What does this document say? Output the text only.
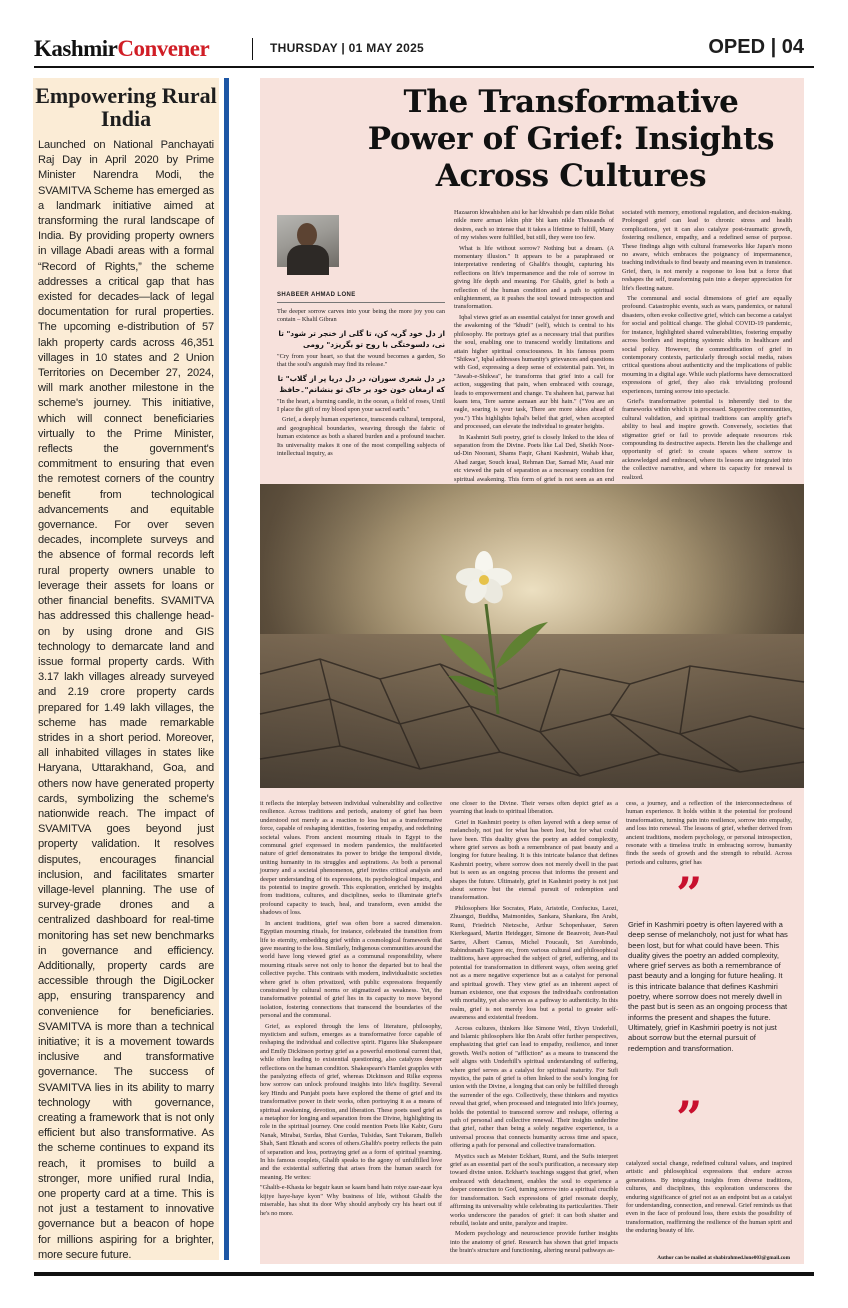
KashmirConvener	THURSDAY | 01 MAY 2025	OPED | 04
Empowering Rural India
Launched on National Panchayati Raj Day in April 2020 by Prime Minister Narendra Modi, the SVAMITVA Scheme has emerged as a landmark initiative aimed at transforming the rural landscape of India. By providing property owners in village Abadi areas with a formal “Record of Rights,” the scheme addresses a critical gap that has existed for decades—lack of legal documentation for rural properties. The upcoming e-distribution of 57 lakh property cards across 46,351 villages in 10 states and 2 Union Territories on December 27, 2024, will mark another milestone in the scheme's journey. This initiative, which will connect beneficiaries virtually to the Prime Minister, reflects the government's commitment to ensuring that even the remotest corners of the country benefit from technological advancements and equitable governance. For over seven decades, incomplete surveys and the absence of formal records left rural property owners unable to leverage their assets for loans or other financial benefits. SVAMITVA has addressed this challenge head-on by using drone and GIS technology to demarcate land and issue formal property cards. With 3.17 lakh villages already surveyed and 2.19 crore property cards prepared for 1.49 lakh villages, the scheme has made remarkable strides in a short period. Moreover, all inhabited villages in states like Haryana, Uttarakhand, Goa, and others now have generated property cards, symbolizing the scheme's nationwide reach. The impact of SVAMITVA goes beyond just property validation. It resolves disputes, encourages financial inclusion, and facilitates smarter village-level planning. The use of survey-grade drones and a centralized dashboard for real-time monitoring has set new benchmarks in governance and efficiency. Additionally, property cards are accessible through the DigiLocker app, ensuring transparency and convenience for beneficiaries. SVAMITVA is more than a technical initiative; it is a movement towards inclusive and transformative governance. The success of SVAMITVA lies in its ability to marry technology with governance, creating a framework that is not only efficient but also transformative. As the scheme continues to expand its reach, it promises to build a stronger, more unified rural India, one property card at a time. This is not just a testament to innovative governance but a beacon of hope for millions aspiring for a brighter, more secure future.
The Transformative Power of Grief: Insights Across Cultures
SHABEER AHMAD LONE

The deeper sorrow carves into your being the more joy you can contain – Khalil Gibran

از دل خود گریہ کن، تا گلی از خنجر تر شود" تا نی، دلسوختگی با روح تو بگریزد" رومی

"Cry from your heart, so that the wound becomes a garden, So that the soul's anguish may find its release."

در دل شعری سوزان، در دل دریا پر از گلاب" تا که ارمغان خون خود بر خاک تو بنشانم"۔حافظ

"In the heart, a burning candle, in the ocean, a field of roses, Until I place the gift of my blood upon your sacred earth."

Grief, a deeply human experience, transcends cultural, temporal, and geographical boundaries, weaving through the fabric of human existence as both a shared burden and a profound teacher. Its universality makes it one of the most compelling subjects of intellectual inquiry, as

Hazaaron khwahishen aisi ke har khwahish pe dam nikle Bohat nikle mere arman lekin phir bhi kam nikle Thousands of desires, each so intense that it takes a lifetime to fulfill, Many of my wishes were fulfilled, but still, they were too few.

What is life without sorrow? Nothing but a dream. (A momentary illusion." It appears to be a paraphrased or interpretative rendering of Ghalib's thought, capturing his reflections on life's impermanence and the role of sorrow in giving life depth and meaning. For Ghalib, grief is both a reflection of the human condition and a path to spiritual enlightenment, as it pushes the soul toward introspection and transformation.

Iqbal views grief as an essential catalyst for inner growth and the awakening of the "khudi" (self), which is central to his philosophy. He portrays grief as a necessary trial that purifies the soul, enabling one to transcend worldly limitations and attain higher spiritual consciousness. In his famous poem "Shikwa", Iqbal addresses humanity's grievances and questions with God, expressing a deep sense of existential pain. Yet, in "Jawab-e-Shikwa", he transforms that grief into a call for action, suggesting that pain, when embraced with courage, leads to empowerment and change. Tu shaheen hai, parwaz hai kaam tera, Tere samne asmaan aur bhi hain." ("You are an eagle, soaring is your task, There are more skies ahead of you.") This highlights Iqbal's belief that grief, when accepted and processed, can elevate the individual to greater heights.

In Kashmiri Sufi poetry, grief is closely linked to the idea of separation from the Divine. Poets like Lal Ded, Sheikh Noor-ud-Din Noorani, Shams Faqir, Ghani Kashmiri, Wahab khar, Ahad zargar, Souch kraal, Rehman Dar, Samad Mir, Asad mir etc viewed the pain of separation as a necessary condition for spiritual awakening. This form of grief is not seen as an end

sociated with memory, emotional regulation, and decision-making. Prolonged grief can lead to chronic stress and health complications, yet it can also catalyze post-traumatic growth, fostering resilience, empathy, and a redefined sense of purpose. These findings align with cultural frameworks like Japan's mono no aware, which embraces the poignancy of impermanence, teaching individuals to find beauty and meaning even in transience. Grief, then, is not merely a response to loss but a force that reshapes the self, transforming pain into a deeper appreciation for life's fleeting nature.

The communal and social dimensions of grief are equally profound. Catastrophic events, such as wars, pandemics, or natural disasters, often evoke collective grief, which can become a catalyst for social and political change. The global COVID-19 pandemic, for instance, highlighted shared vulnerabilities, fostering empathy across borders and inspiring systemic shifts in healthcare and social policy. However, the commodification of grief in contemporary contexts, particularly through social media, raises critical questions about authenticity and the implications of public mourning in a digital age. While such platforms have democratized expressions of grief, they also risk trivializing profound experiences, turning sorrow into spectacle.

Grief's transformative potential is inherently tied to the frameworks within which it is processed. Supportive communities, cultural validation, and spiritual traditions can amplify grief's ability to heal and inspire growth. Conversely, societies that stigmatize grief or fail to provide adequate resources risk compounding its destructive aspects. Herein lies the challenge and opportunity of grief: to create spaces where sorrow is acknowledged and embraced, where its lessons are integrated into the collective narrative, and where its capacity for renewal is realized.

it reflects the interplay between individual vulnerability and collective resilience. Across traditions and periods, anatomy of grief has been understood not merely as a reaction to loss but as a transformative force, capable of reshaping identities, fostering empathy, and redefining societal values. From ancient mourning rituals in Egypt to the communal grief expressed in modern pandemics, the multifaceted nature of grief demonstrates its power to bridge the temporal divide, uniting humanity in its struggles and aspirations. As both a personal journey and a societal phenomenon, grief invites critical analysis and deeper understanding of its expressions, its psychological impacts, and its potential to inspire growth. This exploration, enriched by insights from traditions, cultures, and disciplines, seeks to illuminate grief's profound capacity to teach, heal, and transform, even amidst the shadows of loss.

In ancient traditions, grief was often bore a sacred dimension. Egyptian mourning rituals, for instance, celebrated the transition from life to eternity, embedding grief within a cosmological framework that gave meaning to the loss. Similarly, Indigenous communities around the world have long viewed grief as a communal responsibility, where mourning rituals serve not only to honor the departed but to heal the collective psyche. This contrasts with modern, individualistic societies where grief is often privatized, with public expressions frequently constrained by cultural norms or stigmatized as weakness. Yet, the transformative potential of grief lies in its capacity to move beyond isolation, fostering connections that transcend the boundaries of the personal and the communal.

Grief, as explored through the lens of literature, philosophy, mysticism and sufism, emerges as a transformative force capable of reshaping the individual and collective spirit. Figures like Shakespeare and Emily Dickinson portray grief as a powerful emotional current that, while often leading to existential questioning, also catalyzes deeper reflections on the human condition. Shakespeare's Hamlet grapples with the paralyzing effects of grief, whereas Dickinson and Rilke express how sorrow can unlock profound insights into life's fragility. Several key Hindu and Punjabi poets have explored the theme of grief and its transformative power in their works, often portraying it as a means of spiritual awakening, devotion, and liberation. These poets used grief as a metaphor for longing and separation from the Divine, highlighting its role in the spiritual journey. One could mention Poets like Kabir, Guru Nanak, Mirabai, Surdas, Bhai Gurdas, Tulsidas, Sant Tukaram, Bulleh Shah, Sant Eknath and scores of others.Ghalib's poetry reflects the pain of separation and loss, portraying grief as a form of spiritual yearning. In his famous couplets, Ghalib speaks to the agony of unfulfilled love and the existential suffering that arises from the human search for meaning. He writes:

"Ghalib-e-Khasta ke beguir kaun se kaam band hain roiye zaar-zaar kya kijiye haye-haye kyon" Why business of life, without Ghalib the miserable, has shut its door Why should anybody cry his heart out if he's no more.

one closer to the Divine. Their verses often depict grief as a yearning that leads to spiritual liberation.

Grief in Kashmiri poetry is often layered with a deep sense of melancholy, not just for what has been lost, but for what could have been. This duality gives the poetry an added complexity, where grief serves as both a remembrance of past beauty and a longing for future healing. It is this intricate balance that defines Kashmiri poetry, where sorrow does not merely dwell in the past but is seen as an ongoing process that informs the present and shapes the future. Ultimately, grief in Kashmiri poetry is not just about sorrow but the eternal pursuit of redemption and transformation.

Philosophers like Socrates, Plato, Aristotle, Confucius, Laozi, Zhuangzi, Buddha, Maimonides, Sankara, Shankara, Ibn Arabi, Rumi, Friedrich Nietzsche, Arthur Schopenhauer, Søren Kierkegaard, Martin Heidegger, Simone de Beauvoir, Jean-Paul Sartre, Albert Camus, Michel Foucault, Sri Aurobindo, Rabindranath Tagore etc, from various cultural and philosophical traditions, have approached the subject of grief, suffering, and its potential for transformation in different ways, often seeing grief not as a mere negative experience but as a catalyst for personal and spiritual growth. They view grief as an inherent aspect of human existence, one that exposes the individual's confrontation with mortality, yet also serves as a pathway to authenticity. In this realm, grief is not merely loss but a portal to greater self-awareness and existential freedom.

Across cultures, thinkers like Simone Weil, Elvyn Underhill, and Islamic philosophers like Ibn Arabi offer further perspectives, emphasizing that grief can lead to empathy, resilience, and inner growth. Weil's notion of "affliction" as a means to transcend the self aligns with Underhill's spiritual understanding of suffering, where grief serves as a catalyst for spiritual maturity. For Sufi mystics, the pain of grief is often linked to the soul's longing for union with the Divine, a longing that can only be fulfilled through the surrender of the ego. Collectively, these thinkers and mystics reveal that grief, when processed and integrated into life's journey, holds the potential to transcend sorrow and reshape, offering a path of personal and collective renewal. Their insights underline that grief, rather than being a solely negative experience, is a universal process that connects humanity across time and space, offering a path for personal and collective transformation.

Mystics such as Meister Eckhart, Rumi, and the Sufis interpret grief as an essential part of the soul's purification, a necessary step toward divine union. Eckhart's teachings suggest that grief, when embraced with detachment, enables the soul to experience a deeper connection to God, turning sorrow into a spiritual crucible for transformation. Such expressions of grief resonate deeply, affirming its universality while celebrating its particularities. Their works underscore the paradox of grief: it can both shatter and rebuild, isolate and unite, paralyze and inspire.

Modern psychology and neuroscience provide further insights into the anatomy of grief. Research has shown that grief impacts the brain's structure and functioning, altering neural pathways as-

cess, a journey, and a reflection of the interconnectedness of human experience. It holds within it the potential for profound transformation, turning pain into resilience, sorrow into empathy, and loss into renewal. The lessons of grief, whether derived from ancient traditions, modern psychology, or personal introspection, resonate with a timeless truth: in embracing sorrow, humanity finds the seeds of growth and the strength to rebuild. Across periods and cultures, grief has

”
Grief in Kashmiri poetry is often layered with a deep sense of melancholy, not just for what has been lost, but for what could have been. This duality gives the poetry an added complexity, where grief serves as both a remembrance of past beauty and a longing for future healing. It is this intricate balance that defines Kashmiri poetry, where sorrow does not merely dwell in the past but is seen as an ongoing process that informs the present and shapes the future. Ultimately, grief in Kashmiri poetry is not just about sorrow but the eternal pursuit of redemption and transformation.
”

catalyzed social change, redefined cultural values, and inspired artistic and philosophical expressions that endure across generations. By integrating insights from diverse traditions, cultures, and disciplines, this exploration underscores the enduring significance of grief not as an endpoint but as a catalyst for understanding, connection, and renewal. Grief reminds us that even in the face of profound loss, there exists the possibility of transformation, reaffirming the resilience of the human spirit and the enduring beauty of life.

Author can be mailed at shabirahmed.lone003@gmail.com
